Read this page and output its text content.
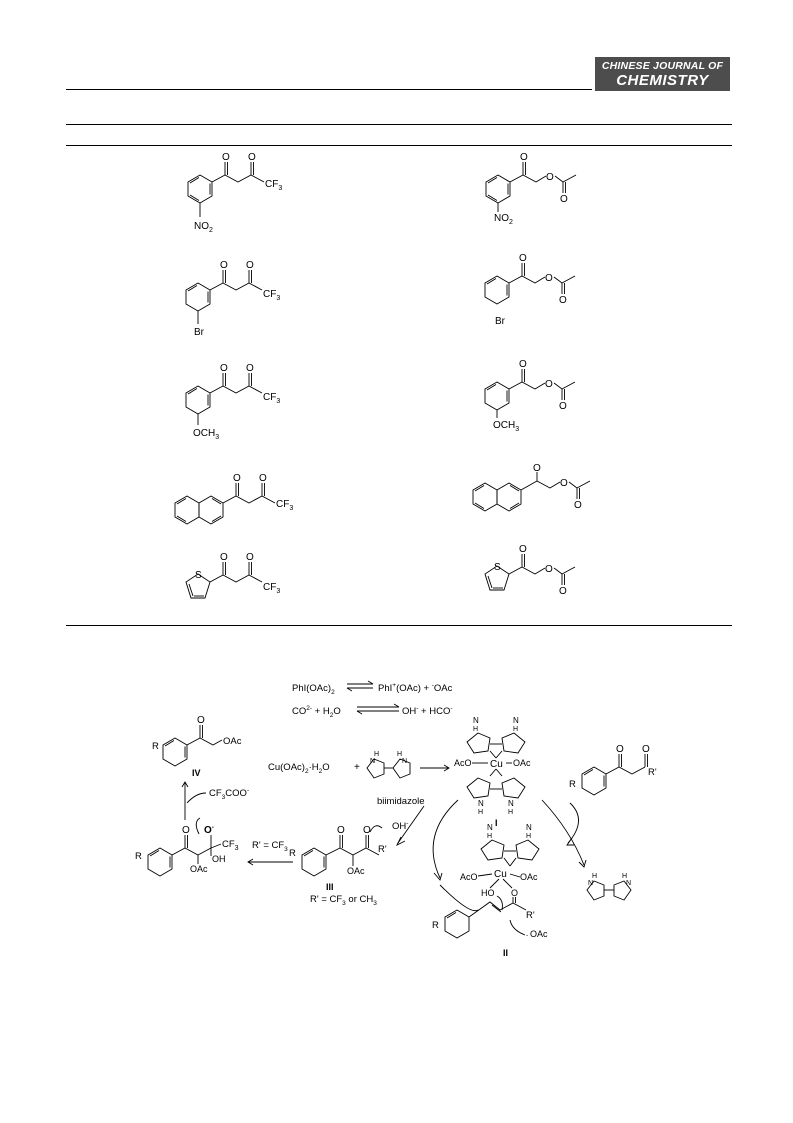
CHINESE JOURNAL OF
CHEMISTRY
O O
$CF_3$
$NO_2$
O
O
O
$NO_2$
O O
$CF_3$
Br
O
O
O
Br
O O
$CF_3$
$OCH_3$
O
O
O
$OCH_3$
O O
$CF_3$
O
O
O
O O
$CF_3$
S
O
O
O
S
$PhI(OAc)_2$	PhI+(OAc) + -OAc
$CO^{2-} + H_2O$	OH- + HCO-
$Cu(OAc)_2\cdot H_2O$ +
H
N
H
N
N
H
N
H
Cu
AcO	OAc
N
H
N
H
I
O O
R'
R
H
N
H
N
N
H
N
H
Cu
AcO	OAc
HO O
R'
R
- OAc
II
O O
R'
OAc
R
OH-
III
$R' = CF_3$ or $CH_3$
biimidazole
O O-
$CF_3$
OH
OAc
R
$R' = CF_3$
$CF_3COO^-$
O
OAc
R
IV
